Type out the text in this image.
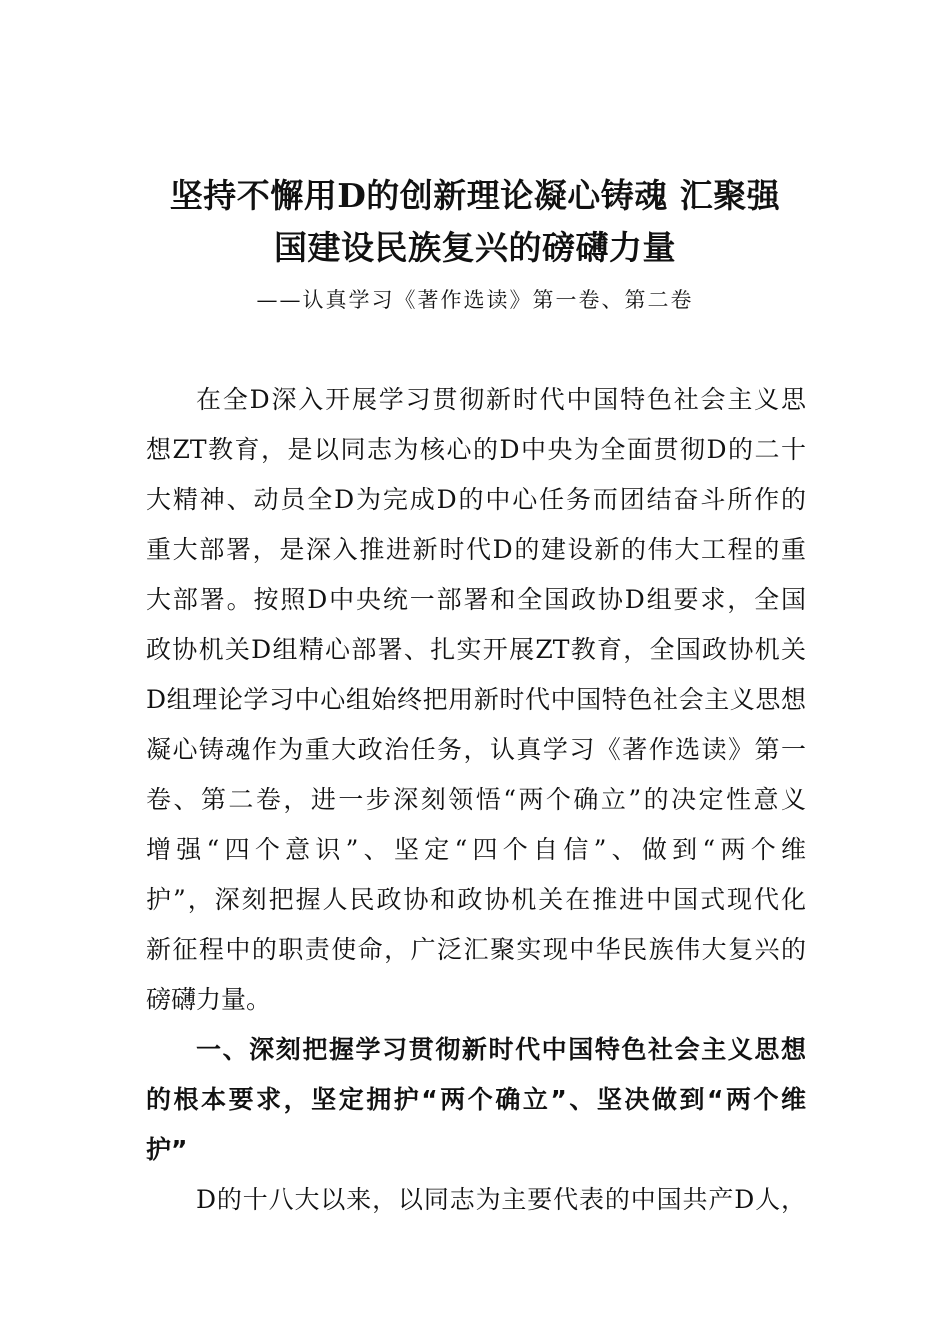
坚持不懈用D的创新理论凝心铸魂 汇聚强
国建设民族复兴的磅礴力量
——认真学习《著作选读》第一卷、第二卷
在全D深入开展学习贯彻新时代中国特色社会主义思
想ZT教育，是以同志为核心的D中央为全面贯彻D的二十
大精神、动员全D为完成D的中心任务而团结奋斗所作的
重大部署，是深入推进新时代D的建设新的伟大工程的重
大部署。按照D中央统一部署和全国政协D组要求，全国
政协机关D组精心部署、扎实开展ZT教育，全国政协机关
D组理论学习中心组始终把用新时代中国特色社会主义思想
凝心铸魂作为重大政治任务，认真学习《著作选读》第一
卷、第二卷，进一步深刻领悟“两个确立”的决定性意义
增强“四个意识”、坚定“四个自信”、做到“两个维
护”，深刻把握人民政协和政协机关在推进中国式现代化
新征程中的职责使命，广泛汇聚实现中华民族伟大复兴的
磅礴力量。
一、深刻把握学习贯彻新时代中国特色社会主义思想
的根本要求，坚定拥护“两个确立”、坚决做到“两个维
护”
D的十八大以来，以同志为主要代表的中国共产D人，
